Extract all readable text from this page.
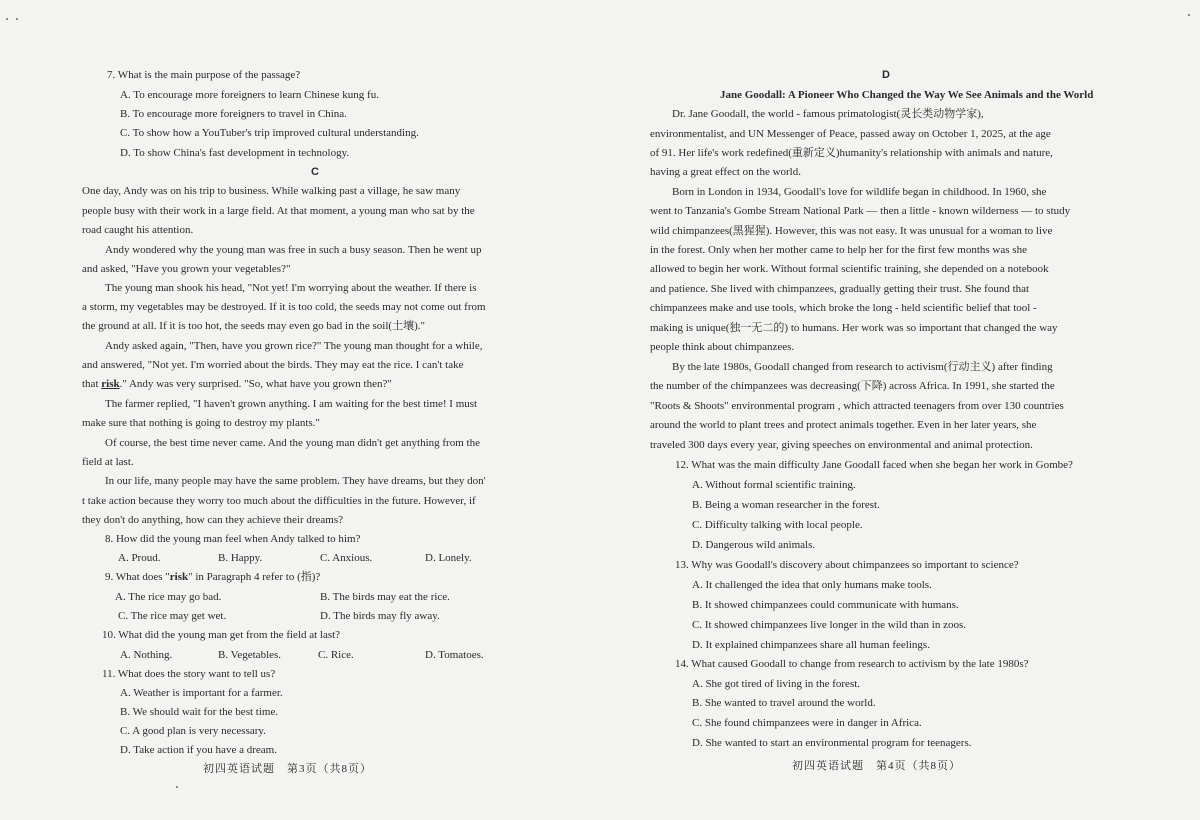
7. What is the main purpose of the passage?
A. To encourage more foreigners to learn Chinese kung fu.
B. To encourage more foreigners to travel in China.
C. To show how a YouTuber's trip improved cultural understanding.
D. To show China's fast development in technology.
C
One day, Andy was on his trip to business. While walking past a village, he saw many
people busy with their work in a large field. At that moment, a young man who sat by the
road caught his attention.
Andy wondered why the young man was free in such a busy season. Then he went up
and asked, "Have you grown your vegetables?"
The young man shook his head, "Not yet! I'm worrying about the weather. If there is
a storm, my vegetables may be destroyed. If it is too cold, the seeds may not come out from
the ground at all. If it is too hot, the seeds may even go bad in the soil(土壤)."
Andy asked again, "Then, have you grown rice?" The young man thought for a while,
and answered, "Not yet. I'm worried about the birds. They may eat the rice. I can't take
that risk." Andy was very surprised. "So, what have you grown then?"
The farmer replied, "I haven't grown anything. I am waiting for the best time! I must
make sure that nothing is going to destroy my plants."
Of course, the best time never came. And the young man didn't get anything from the
field at last.
In our life, many people may have the same problem. They have dreams, but they don'
t take action because they worry too much about the difficulties in the future. However, if
they don't do anything, how can they achieve their dreams?
8. How did the young man feel when Andy talked to him?
A. Proud.	B. Happy.	C. Anxious.	D. Lonely.
9. What does "risk" in Paragraph 4 refer to (指)?
A. The rice may go bad.	B. The birds may eat the rice.
C. The rice may get wet.	D. The birds may fly away.
10. What did the young man get from the field at last?
A. Nothing.	B. Vegetables.	C. Rice.	D. Tomatoes.
11. What does the story want to tell us?
A. Weather is important for a farmer.
B. We should wait for the best time.
C. A good plan is very necessary.
D. Take action if you have a dream.
初四英语试题　第3页（共8页）
D
Jane Goodall: A Pioneer Who Changed the Way We See Animals and the World
Dr. Jane Goodall, the world - famous primatologist(灵长类动物学家),
environmentalist, and UN Messenger of Peace, passed away on October 1, 2025, at the age
of 91. Her life's work redefined(重新定义)humanity's relationship with animals and nature,
having a great effect on the world.
Born in London in 1934, Goodall's love for wildlife began in childhood. In 1960, she
went to Tanzania's Gombe Stream National Park — then a little - known wilderness — to study
wild chimpanzees(黑猩猩). However, this was not easy. It was unusual for a woman to live
in the forest. Only when her mother came to help her for the first few months was she
allowed to begin her work. Without formal scientific training, she depended on a notebook
and patience. She lived with chimpanzees, gradually getting their trust. She found that
chimpanzees make and use tools, which broke the long - held scientific belief that tool -
making is unique(独一无二的) to humans. Her work was so important that changed the way
people think about chimpanzees.
By the late 1980s, Goodall changed from research to activism(行动主义) after finding
the number of the chimpanzees was decreasing(下降) across Africa. In 1991, she started the
"Roots & Shoots" environmental program , which attracted teenagers from over 130 countries
around the world to plant trees and protect animals together. Even in her later years, she
traveled 300 days every year, giving speeches on environmental and animal protection.
12. What was the main difficulty Jane Goodall faced when she began her work in Gombe?
A. Without formal scientific training.
B. Being a woman researcher in the forest.
C. Difficulty talking with local people.
D. Dangerous wild animals.
13. Why was Goodall's discovery about chimpanzees so important to science?
A. It challenged the idea that only humans make tools.
B. It showed chimpanzees could communicate with humans.
C. It showed chimpanzees live longer in the wild than in zoos.
D. It explained chimpanzees share all human feelings.
14. What caused Goodall to change from research to activism by the late 1980s?
A. She got tired of living in the forest.
B. She wanted to travel around the world.
C. She found chimpanzees were in danger in Africa.
D. She wanted to start an environmental program for teenagers.
初四英语试题　第4页（共8页）
